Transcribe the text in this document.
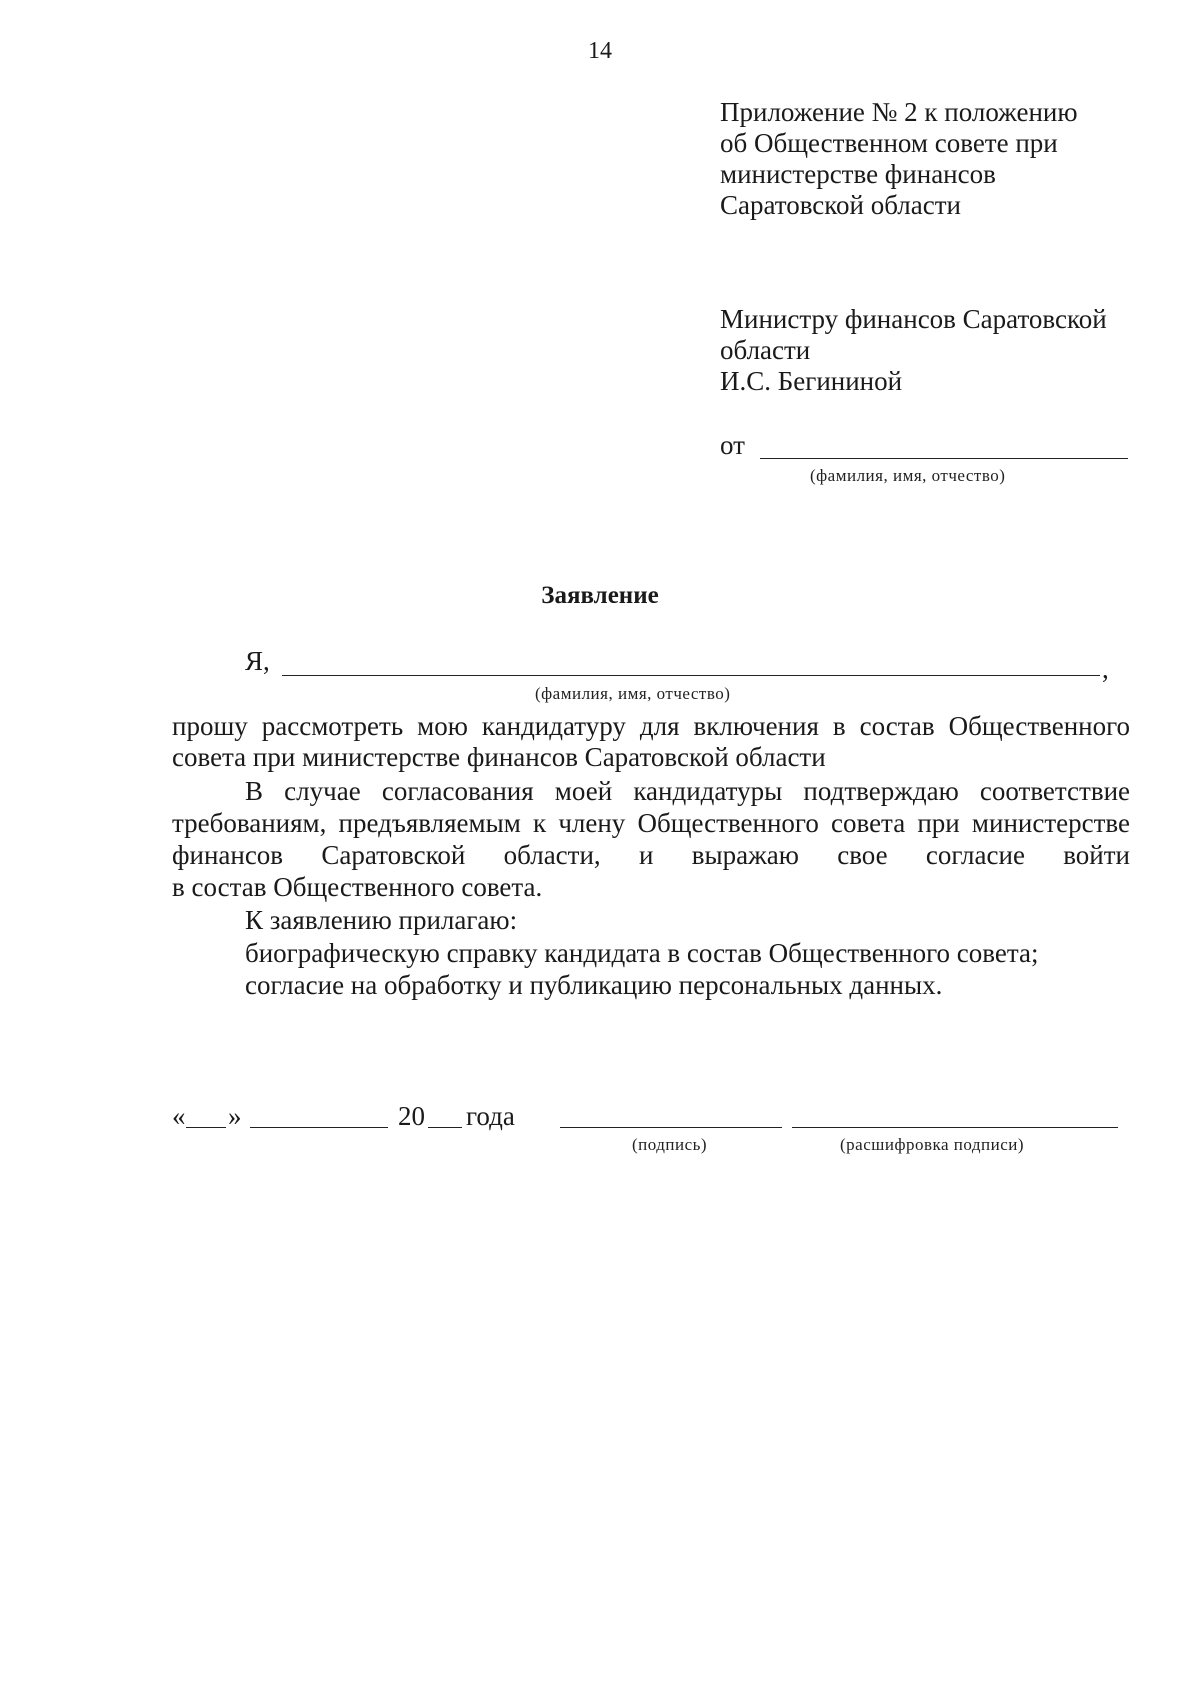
14
Приложение № 2 к положению
об Общественном совете при
министерстве финансов
Саратовской области
Министру финансов Саратовской
области
И.С. Бегининой
от
(фамилия, имя, отчество)
Заявление
Я,	,
(фамилия, имя, отчество)
прошу рассмотреть мою кандидатуру для включения в состав Общественного
совета при министерстве финансов Саратовской области
В случае согласования моей кандидатуры подтверждаю соответствие
требованиям, предъявляемым к члену Общественного совета при министерстве
финансов Саратовской области, и выражаю свое согласие войти
в состав Общественного совета.
К заявлению прилагаю:
биографическую справку кандидата в состав Общественного совета;
согласие на обработку и публикацию персональных данных.
« »	20 года
(подпись)	(расшифровка подписи)
